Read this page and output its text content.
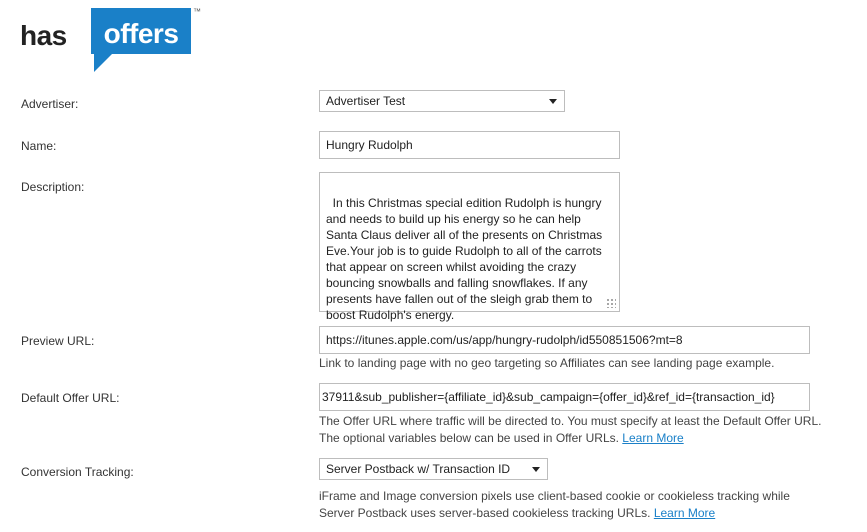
has	offers
™
Advertiser:	Advertiser Test
Name:	Hungry Rudolph
Description:

In this Christmas special edition Rudolph is hungry and needs to build up his energy so he can help Santa Claus deliver all of the presents on Christmas Eve.Your job is to guide Rudolph to all of the carrots that appear on screen whilst avoiding the crazy bouncing snowballs and falling snowflakes. If any presents have fallen out of the sleigh grab them to boost Rudolph's energy.

Preview URL:	https://itunes.apple.com/us/app/hungry-rudolph/id550851506?mt=8
Link to landing page with no geo targeting so Affiliates can see landing page example.
Default Offer URL:	37911&sub_publisher={affiliate_id}&sub_campaign={offer_id}&ref_id={transaction_id}
The Offer URL where traffic will be directed to. You must specify at least the Default Offer URL.
The optional variables below can be used in Offer URLs. Learn More
Conversion Tracking:	Server Postback w/ Transaction ID
iFrame and Image conversion pixels use client-based cookie or cookieless tracking while
Server Postback uses server-based cookieless tracking URLs. Learn More
